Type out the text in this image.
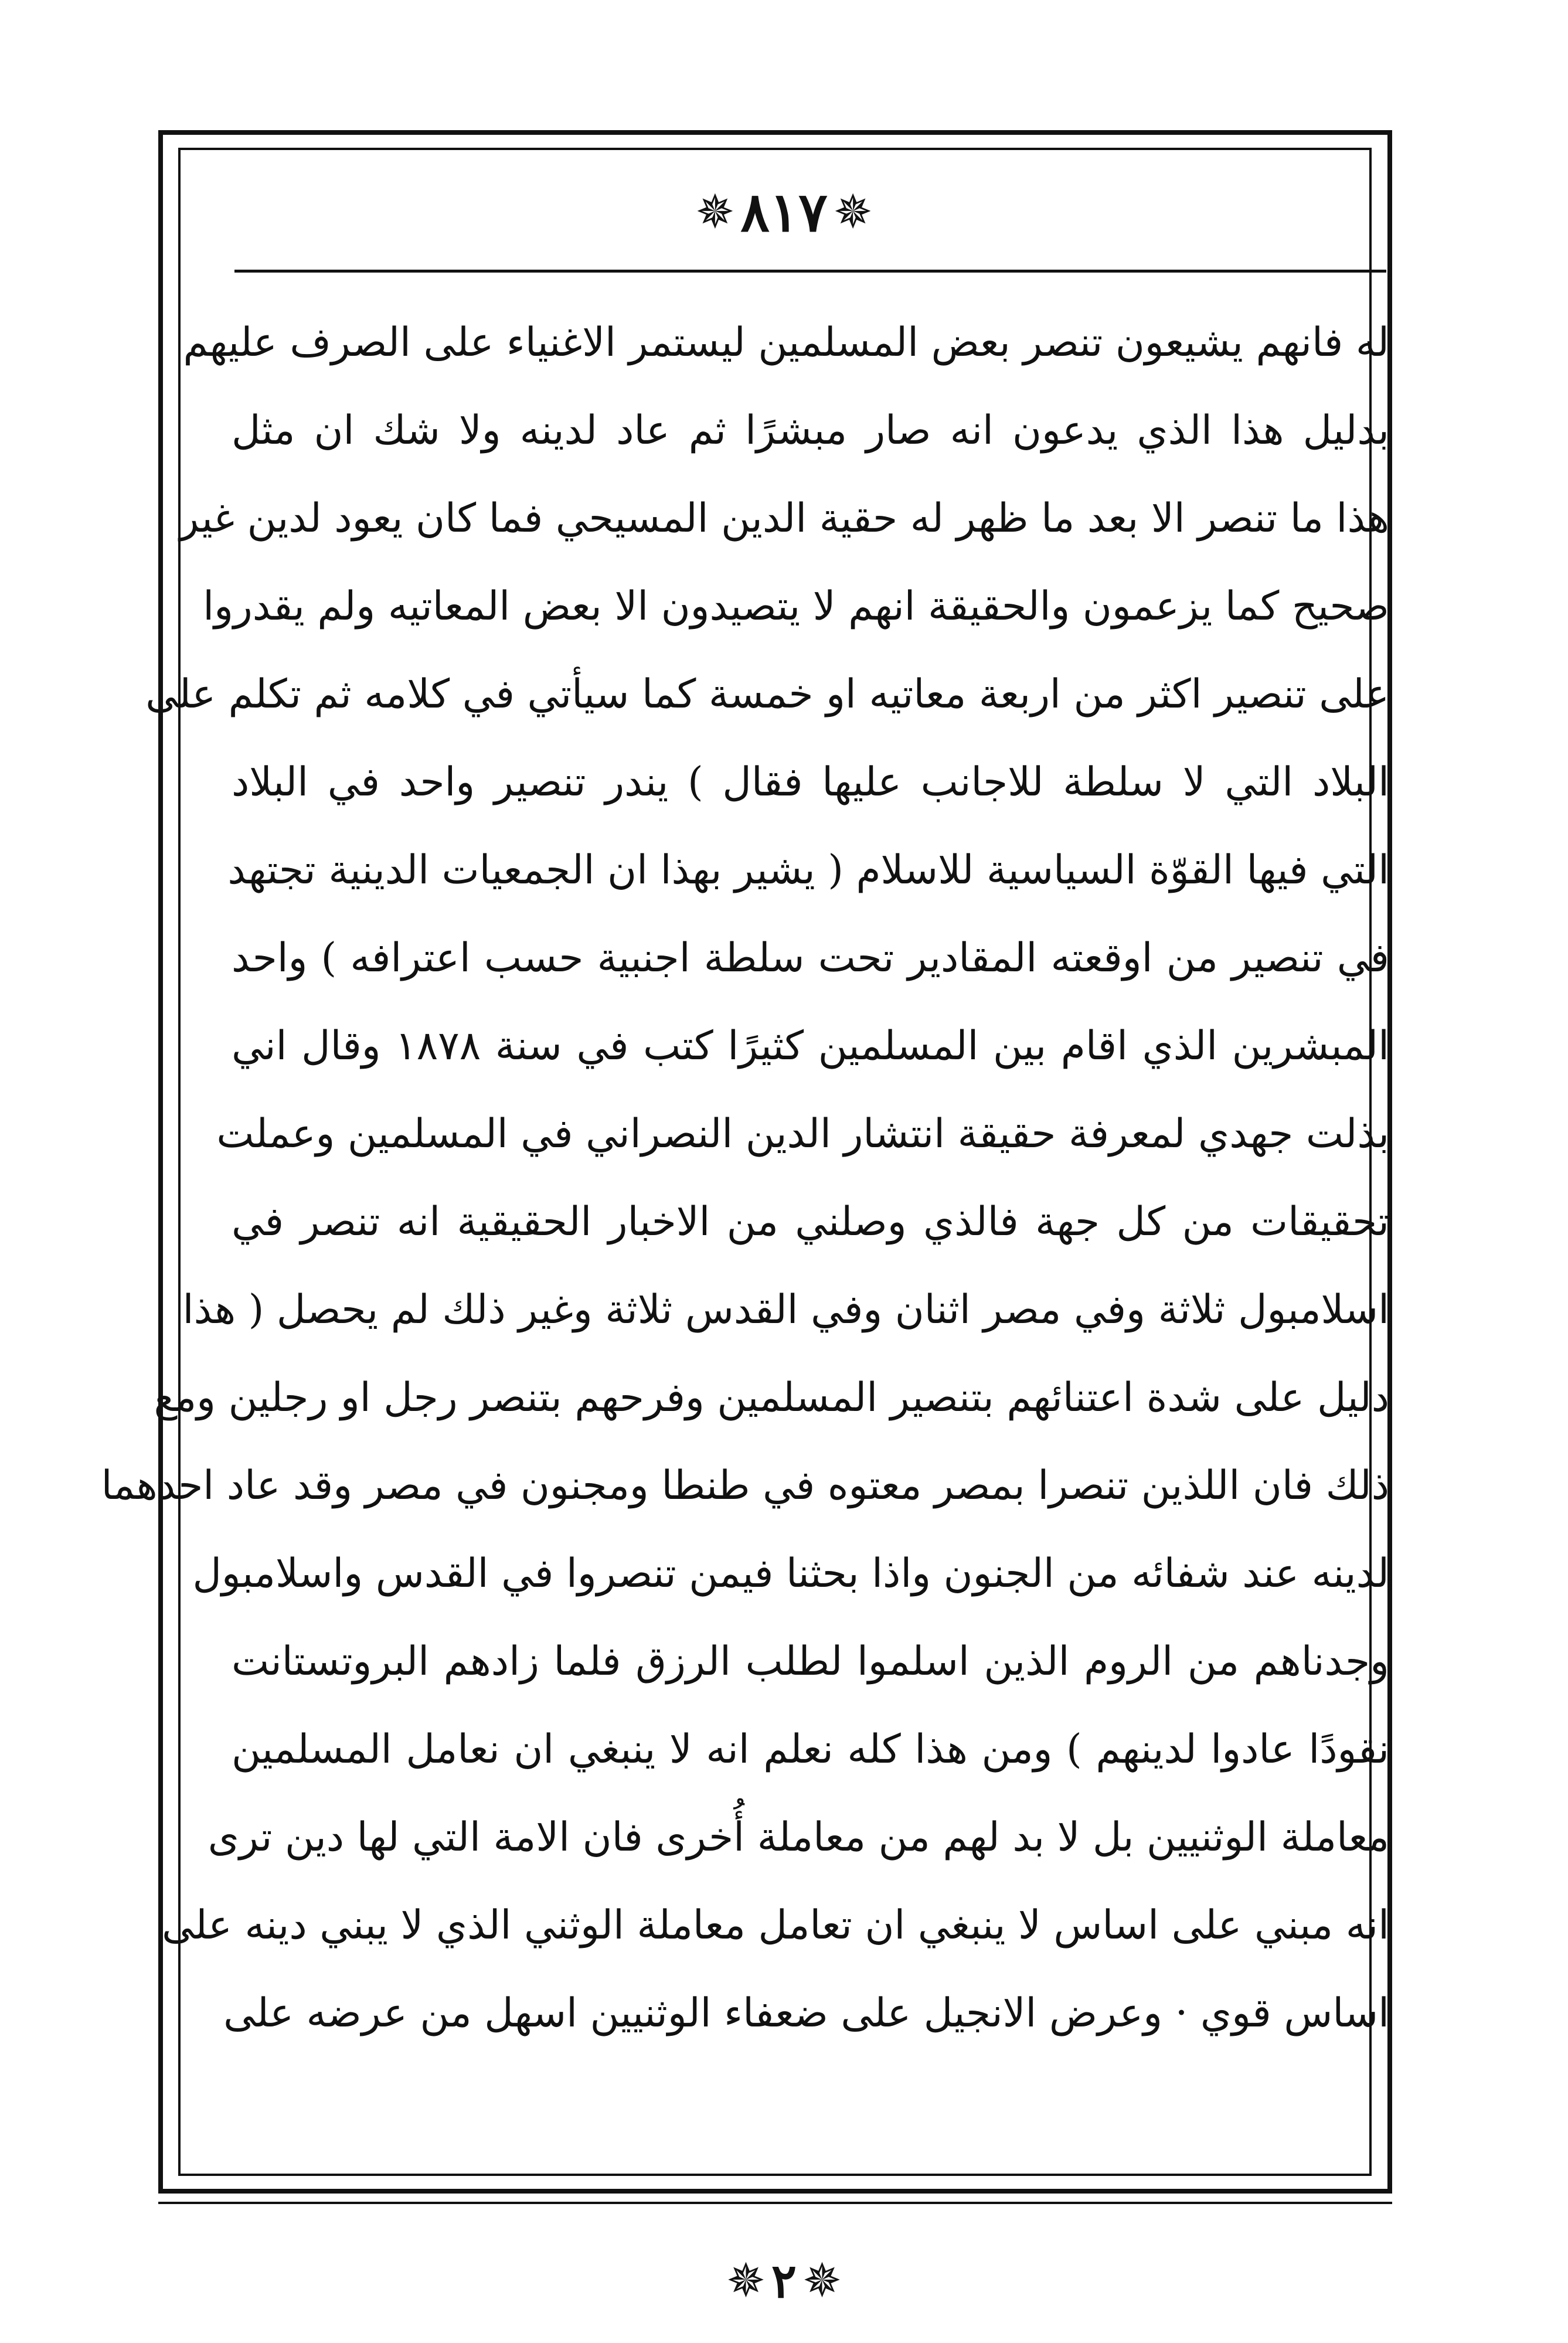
✵٨١٧✵
له فانهم يشيعون تنصر بعض المسلمين ليستمر الاغنياء على الصرف عليهم
بدليل هذا الذي يدعون انه صار مبشرًا ثم عاد لدينه ولا شك ان مثل
هذا ما تنصر الا بعد ما ظهر له حقية الدين المسيحي فما كان يعود لدين غير
صحيح كما يزعمون والحقيقة انهم لا يتصيدون الا بعض المعاتيه ولم يقدروا
على تنصير اكثر من اربعة معاتيه او خمسة كما سيأتي في كلامه ثم تكلم على
البلاد التي لا سلطة للاجانب عليها فقال ) يندر تنصير واحد في البلاد
التي فيها القوّة السياسية للاسلام ( يشير بهذا ان الجمعيات الدينية تجتهد
في تنصير من اوقعته المقادير تحت سلطة اجنبية حسب اعترافه ) واحد
المبشرين الذي اقام بين المسلمين كثيرًا كتب في سنة ١٨٧٨ وقال اني
بذلت جهدي لمعرفة حقيقة انتشار الدين النصراني في المسلمين وعملت
تحقيقات من كل جهة فالذي وصلني من الاخبار الحقيقية انه تنصر في
اسلامبول ثلاثة وفي مصر اثنان وفي القدس ثلاثة وغير ذلك لم يحصل ( هذا
دليل على شدة اعتنائهم بتنصير المسلمين وفرحهم بتنصر رجل او رجلين ومع
ذلك فان اللذين تنصرا بمصر معتوه في طنطا ومجنون في مصر وقد عاد احدهما
لدينه عند شفائه من الجنون واذا بحثنا فيمن تنصروا في القدس واسلامبول
وجدناهم من الروم الذين اسلموا لطلب الرزق فلما زادهم البروتستانت
نقودًا عادوا لدينهم ) ومن هذا كله نعلم انه لا ينبغي ان نعامل المسلمين
معاملة الوثنيين بل لا بد لهم من معاملة أُخرى فان الامة التي لها دين ترى
انه مبني على اساس لا ينبغي ان تعامل معاملة الوثني الذي لا يبني دينه على
اساس قوي · وعرض الانجيل على ضعفاء الوثنيين اسهل من عرضه على
✵٢✵
